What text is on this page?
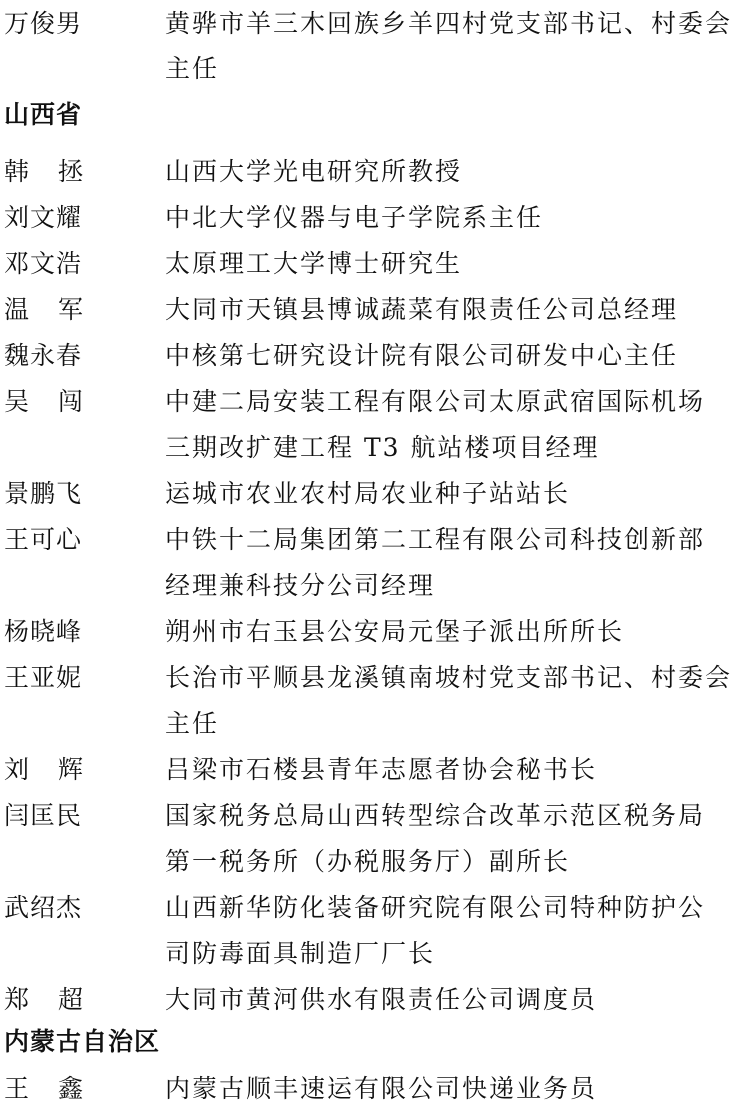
万俊男	黄骅市羊三木回族乡羊四村党支部书记、村委会
主任
山西省
韩 拯	山西大学光电研究所教授
刘文耀	中北大学仪器与电子学院系主任
邓文浩	太原理工大学博士研究生
温 军	大同市天镇县博诚蔬菜有限责任公司总经理
魏永春	中核第七研究设计院有限公司研发中心主任
吴 闯	中建二局安装工程有限公司太原武宿国际机场
三期改扩建工程 T3 航站楼项目经理
景鹏飞	运城市农业农村局农业种子站站长
王可心	中铁十二局集团第二工程有限公司科技创新部
经理兼科技分公司经理
杨晓峰	朔州市右玉县公安局元堡子派出所所长
王亚妮	长治市平顺县龙溪镇南坡村党支部书记、村委会
主任
刘 辉	吕梁市石楼县青年志愿者协会秘书长
闫匡民	国家税务总局山西转型综合改革示范区税务局
第一税务所（办税服务厅）副所长
武绍杰	山西新华防化装备研究院有限公司特种防护公
司防毒面具制造厂厂长
郑 超	大同市黄河供水有限责任公司调度员
内蒙古自治区
王 鑫	内蒙古顺丰速运有限公司快递业务员
